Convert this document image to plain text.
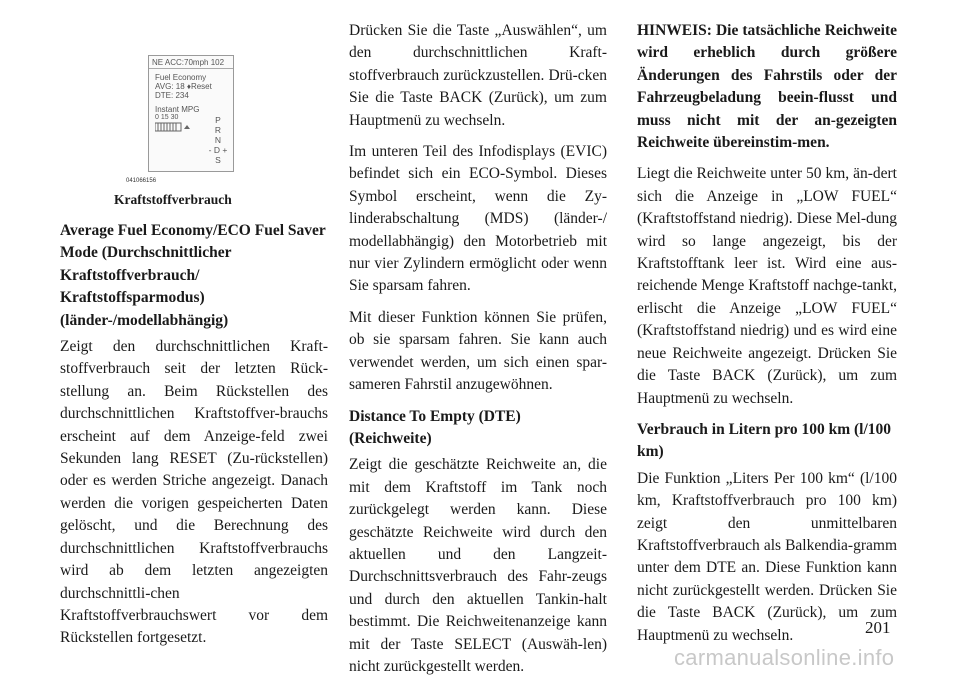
NE ACC:70mph 102
Fuel Economy
AVG: 18 ♦Reset
DTE: 234
Instant MPG
0 15 30	P
R
N
- D +
S
041066156
Kraftstoffverbrauch
Average Fuel Economy/ECO Fuel Saver Mode (Durchschnittlicher Kraftstoffverbrauch/ Kraftstoffsparmodus) (länder-/modellabhängig)

Zeigt den durchschnittlichen Kraft-stoffverbrauch seit der letzten Rück-stellung an. Beim Rückstellen des durchschnittlichen Kraftstoffver-brauchs erscheint auf dem Anzeige-feld zwei Sekunden lang RESET (Zu-rückstellen) oder es werden Striche angezeigt. Danach werden die vorigen gespeicherten Daten gelöscht, und die Berechnung des durchschnittlichen Kraftstoffverbrauchs wird ab dem letzten angezeigten durchschnittli-chen Kraftstoffverbrauchswert vor dem Rückstellen fortgesetzt.

Drücken Sie die Taste „Auswählen“, um den durchschnittlichen Kraft-stoffverbrauch zurückzustellen. Drü-cken Sie die Taste BACK (Zurück), um zum Hauptmenü zu wechseln.

Im unteren Teil des Infodisplays (EVIC) befindet sich ein ECO-Symbol. Dieses Symbol erscheint, wenn die Zy-linderabschaltung (MDS) (länder-/ modellabhängig) den Motorbetrieb mit nur vier Zylindern ermöglicht oder wenn Sie sparsam fahren.

Mit dieser Funktion können Sie prüfen, ob sie sparsam fahren. Sie kann auch verwendet werden, um sich einen spar-sameren Fahrstil anzugewöhnen.

Distance To Empty (DTE) (Reichweite)

Zeigt die geschätzte Reichweite an, die mit dem Kraftstoff im Tank noch zurückgelegt werden kann. Diese geschätzte Reichweite wird durch den aktuellen und den Langzeit-Durchschnittsverbrauch des Fahr-zeugs und durch den aktuellen Tankin-halt bestimmt. Die Reichweitenanzeige kann mit der Taste SELECT (Auswäh-len) nicht zurückgestellt werden.

HINWEIS: Die tatsächliche Reichweite wird erheblich durch größere Änderungen des Fahrstils oder der Fahrzeugbeladung beein-flusst und muss nicht mit der an-gezeigten Reichweite übereinstim-men.

Liegt die Reichweite unter 50 km, än-dert sich die Anzeige in „LOW FUEL“ (Kraftstoffstand niedrig). Diese Mel-dung wird so lange angezeigt, bis der Kraftstofftank leer ist. Wird eine aus-reichende Menge Kraftstoff nachge-tankt, erlischt die Anzeige „LOW FUEL“ (Kraftstoffstand niedrig) und es wird eine neue Reichweite angezeigt. Drücken Sie die Taste BACK (Zurück), um zum Hauptmenü zu wechseln.

Verbrauch in Litern pro 100 km (l/100 km)

Die Funktion „Liters Per 100 km“ (l/100 km, Kraftstoffverbrauch pro 100 km) zeigt den unmittelbaren Kraftstoffverbrauch als Balkendia-gramm unter dem DTE an. Diese Funktion kann nicht zurückgestellt werden. Drücken Sie die Taste BACK (Zurück), um zum Hauptmenü zu wechseln.	201
carmanualsonline.info
